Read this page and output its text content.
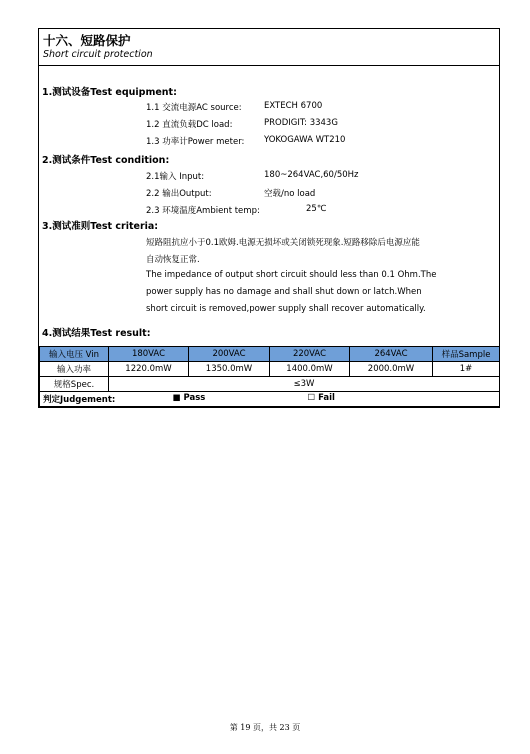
十六、短路保护
Short circuit protection
1.测试设备Test equipment:
1.1 交流电源AC source:	EXTECH 6700
1.2 直流负载DC load:	PRODIGIT: 3343G
1.3 功率计Power meter: YOKOGAWA WT210
2.测试条件Test condition:
2.1输入 Input:	180~264VAC,60/50Hz
2.2 输出Output:	空载/no load
2.3 环境温度Ambient temp:	25℃
3.测试准则Test criteria:
短路阻抗应小于0.1欧姆.电源无损坏或关闭锁死现象.短路移除后电源应能
自动恢复正常.
The impedance of output short circuit should less than 0.1 Ohm.The
power supply has no damage and shall shut down or latch.When
short circuit is removed,power supply shall recover automatically.
4.测试结果Test result:
输入电压 Vin	180VAC	200VAC	220VAC	264VAC	样品Sample
输入功率	1220.0mW	1350.0mW	1400.0mW	2000.0mW	1#
规格Spec.	≤3W				
判定Judgement: ■ Pass ☐ Fail					
第 19 页，共 23 页
